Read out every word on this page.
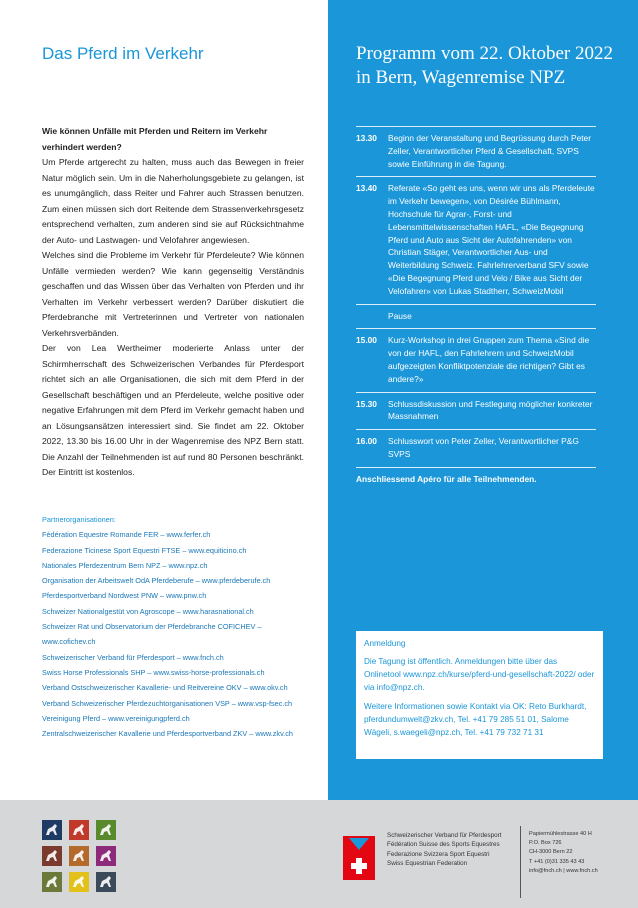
Das Pferd im Verkehr
Wie können Unfälle mit Pferden und Reitern im Verkehr verhindert werden?

Um Pferde artgerecht zu halten, muss auch das Bewegen in freier Natur möglich sein. Um in die Naherholungsgebiete zu gelangen, ist es unumgänglich, dass Reiter und Fahrer auch Strassen benutzen. Zum einen müssen sich dort Reitende dem Strassenverkehrsgesetz entsprechend verhalten, zum anderen sind sie auf Rücksichtnahme der Auto- und Lastwagen- und Velofahrer angewiesen.

Welches sind die Probleme im Verkehr für Pferdeleute? Wie können Unfälle vermieden werden? Wie kann gegenseitig Verständnis geschaffen und das Wissen über das Verhalten von Pferden und ihr Verhalten im Verkehr verbessert werden? Darüber diskutiert die Pferdebranche mit Vertreterinnen und Vertreter von nationalen Verkehrsverbänden.

Der von Lea Wertheimer moderierte Anlass unter der Schirmherrschaft des Schweizerischen Verbandes für Pferdesport richtet sich an alle Organisationen, die sich mit dem Pferd in der Gesellschaft beschäftigen und an Pferdeleute, welche positive oder negative Erfahrungen mit dem Pferd im Verkehr gemacht haben und an Lösungsansätzen interessiert sind. Sie findet am 22. Oktober 2022, 13.30 bis 16.00 Uhr in der Wagenremise des NPZ Bern statt. Die Anzahl der Teilnehmenden ist auf rund 80 Personen beschränkt. Der Eintritt ist kostenlos.

Partnerorganisationen:
Fédération Equestre Romande FER – www.ferfer.ch
Federazione Ticinese Sport Equestri FTSE – www.equiticino.ch
Nationales Pferdezentrum Bern NPZ – www.npz.ch
Organisation der Arbeitswelt OdA Pferdeberufe – www.pferdeberufe.ch
Pferdesportverband Nordwest PNW – www.pnw.ch
Schweizer Nationalgestüt von Agroscope – www.harasnational.ch
Schweizer Rat und Observatorium der Pferdebranche COFICHEV – www.cofichev.ch
Schweizerischer Verband für Pferdesport – www.fnch.ch
Swiss Horse Professionals SHP – www.swiss-horse-professionals.ch
Verband Ostschweizerischer Kavallerie- und Reitvereine OKV – www.okv.ch
Verband Schweizerischer Pferdezuchtorganisationen VSP – www.vsp-fsec.ch
Vereinigung Pferd – www.vereinigungpferd.ch
Zentralschweizerischer Kavallerie und Pferdesportverband ZKV – www.zkv.ch
Programm vom 22. Oktober 2022
in Bern, Wagenremise NPZ
13.30	Beginn der Veranstaltung und Begrüssung durch Peter Zeller, Verantwortlicher Pferd & Gesellschaft, SVPS sowie Einführung in die Tagung.
13.40	Referate «So geht es uns, wenn wir uns als Pferdeleute im Verkehr bewegen», von Désirée Bühlmann, Hochschule für Agrar-, Forst- und Lebensmittelwissenschaften HAFL, «Die Begegnung Pferd und Auto aus Sicht der Autofahrenden» von Christian Stäger, Verantwortlicher Aus- und Weiterbildung Schweiz. Fahrlehrerverband SFV sowie «Die Begegnung Pferd und Velo / Bike aus Sicht der Velofahrer» von Lukas Stadtherr, SchweizMobil
Pause
15.00	Kurz-Workshop in drei Gruppen zum Thema «Sind die von der HAFL, den Fahrlehrern und SchweizMobil aufgezeigten Konfliktpotenziale die richtigen? Gibt es andere?»
15.30	Schlussdiskussion und Festlegung möglicher konkreter Massnahmen
16.00	Schlusswort von Peter Zeller, Verantwortlicher P&G SVPS
Anschliessend Apéro für alle Teilnehmenden.
Anmeldung

Die Tagung ist öffentlich. Anmeldungen bitte über das Onlinetool www.npz.ch/kurse/pferd-und-gesellschaft-2022/ oder via info@npz.ch.

Weitere Informationen sowie Kontakt via OK: Reto Burkhardt, pferdundumwelt@zkv.ch, Tel. +41 79 285 51 01, Salome Wägeli, s.waegeli@npz.ch, Tel. +41 79 732 71 31

Schweizerischer Verband für Pferdesport
Fédération Suisse des Sports Equestres
Federazione Svizzera Sport Equestri
Swiss Equestrian Federation
Papiermühlestrasse 40 H
P.O. Box 726
CH-3000 Bern 22
T +41 (0)31 335 43 43
info@fnch.ch | www.fnch.ch
